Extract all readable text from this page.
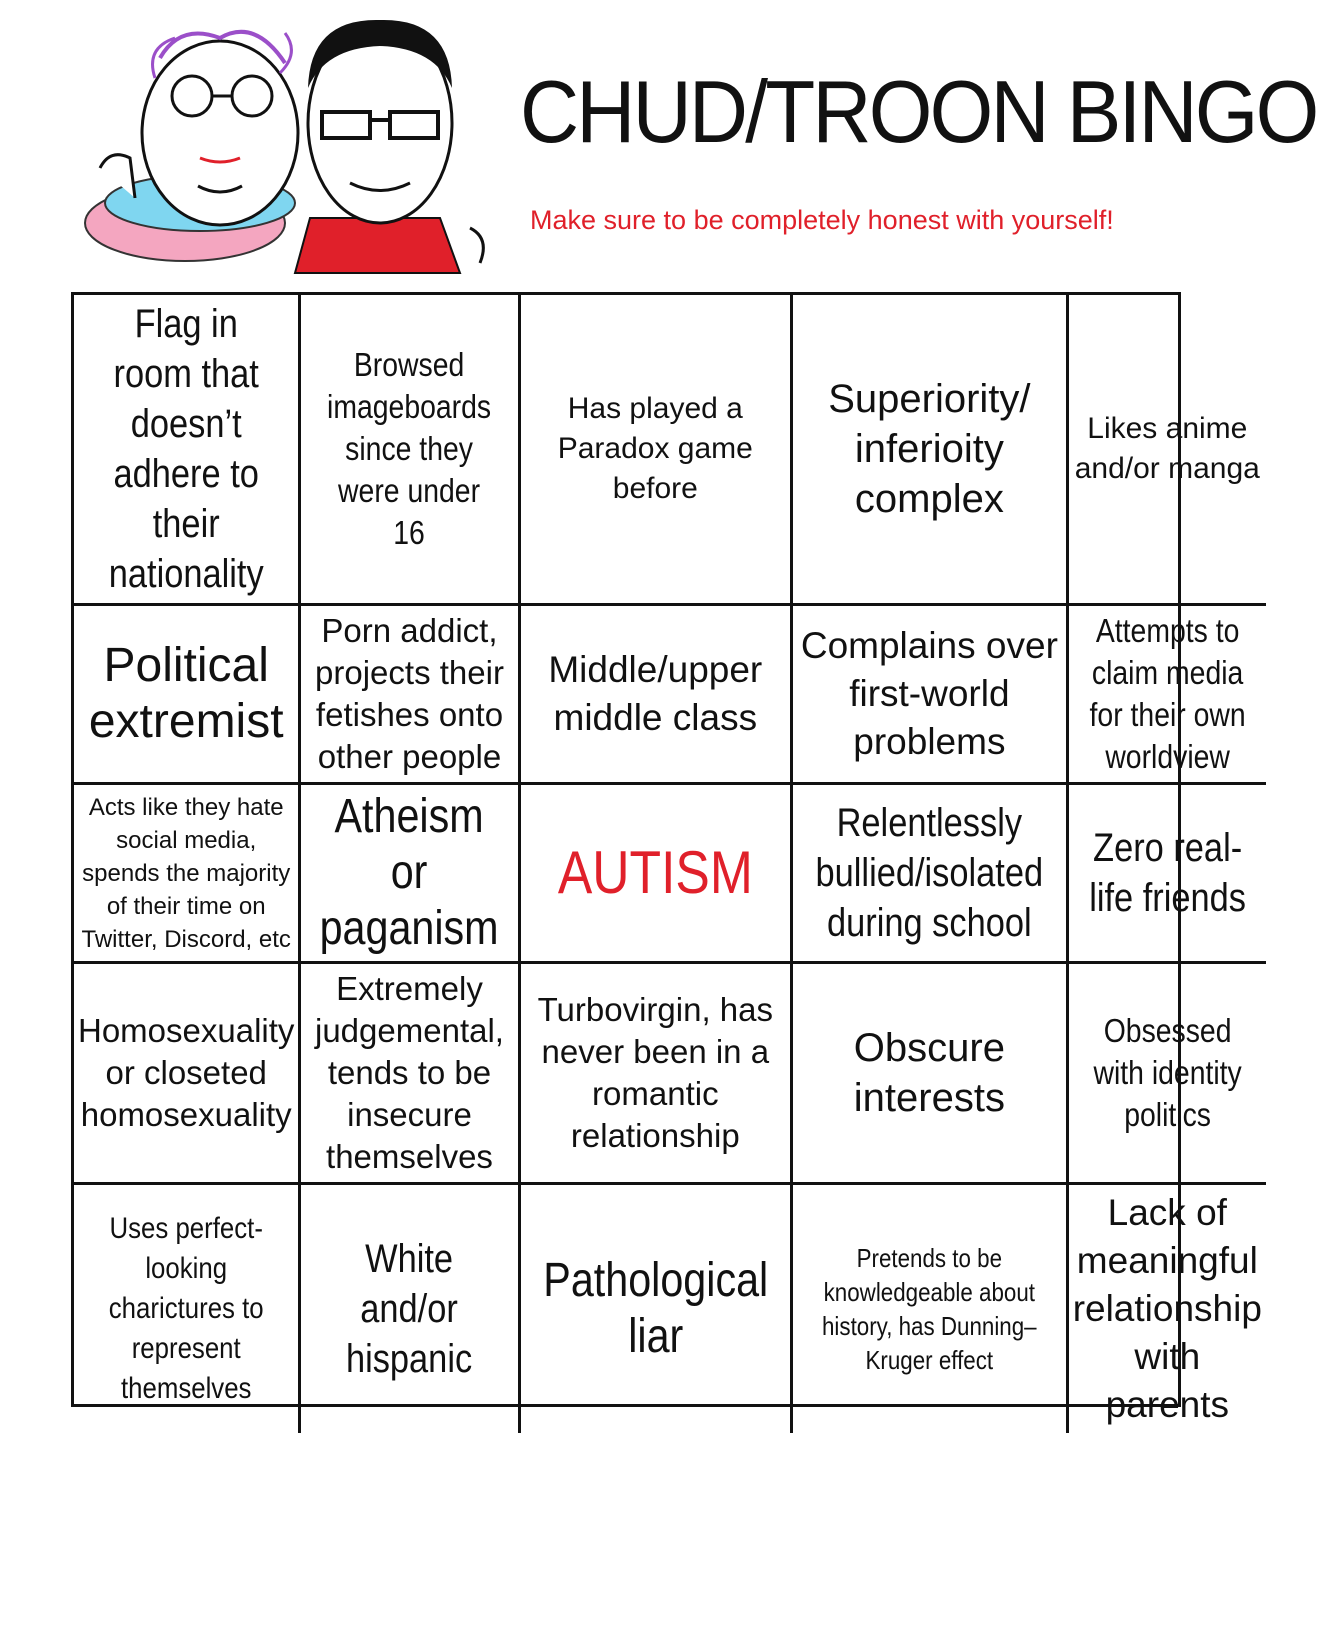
CHUD/TROON BINGO
Make sure to be completely honest with yourself!
Flag in room that doesn’t adhere to their nationality
Browsed imageboards since they were under 16
Has played a Paradox game before
Superiority/ inferioity complex
Likes anime and/or manga
Political extremist
Porn addict, projects their fetishes onto other people
Middle/upper middle class
Complains over first-world problems
Attempts to claim media for their own worldview
Acts like they hate social media, spends the majority of their time on Twitter, Discord, etc
Atheism or paganism
AUTISM
Relentlessly bullied/isolated during school
Zero real-life friends
Homosexuality or closeted homosexuality
Extremely judgemental, tends to be insecure themselves
Turbovirgin, has never been in a romantic relationship
Obscure interests
Obsessed with identity politics
Uses perfect-looking charictures to represent themselves
White and/or hispanic
Pathological liar
Pretends to be knowledgeable about history, has Dunning–Kruger effect
Lack of meaningful relationship with parents
